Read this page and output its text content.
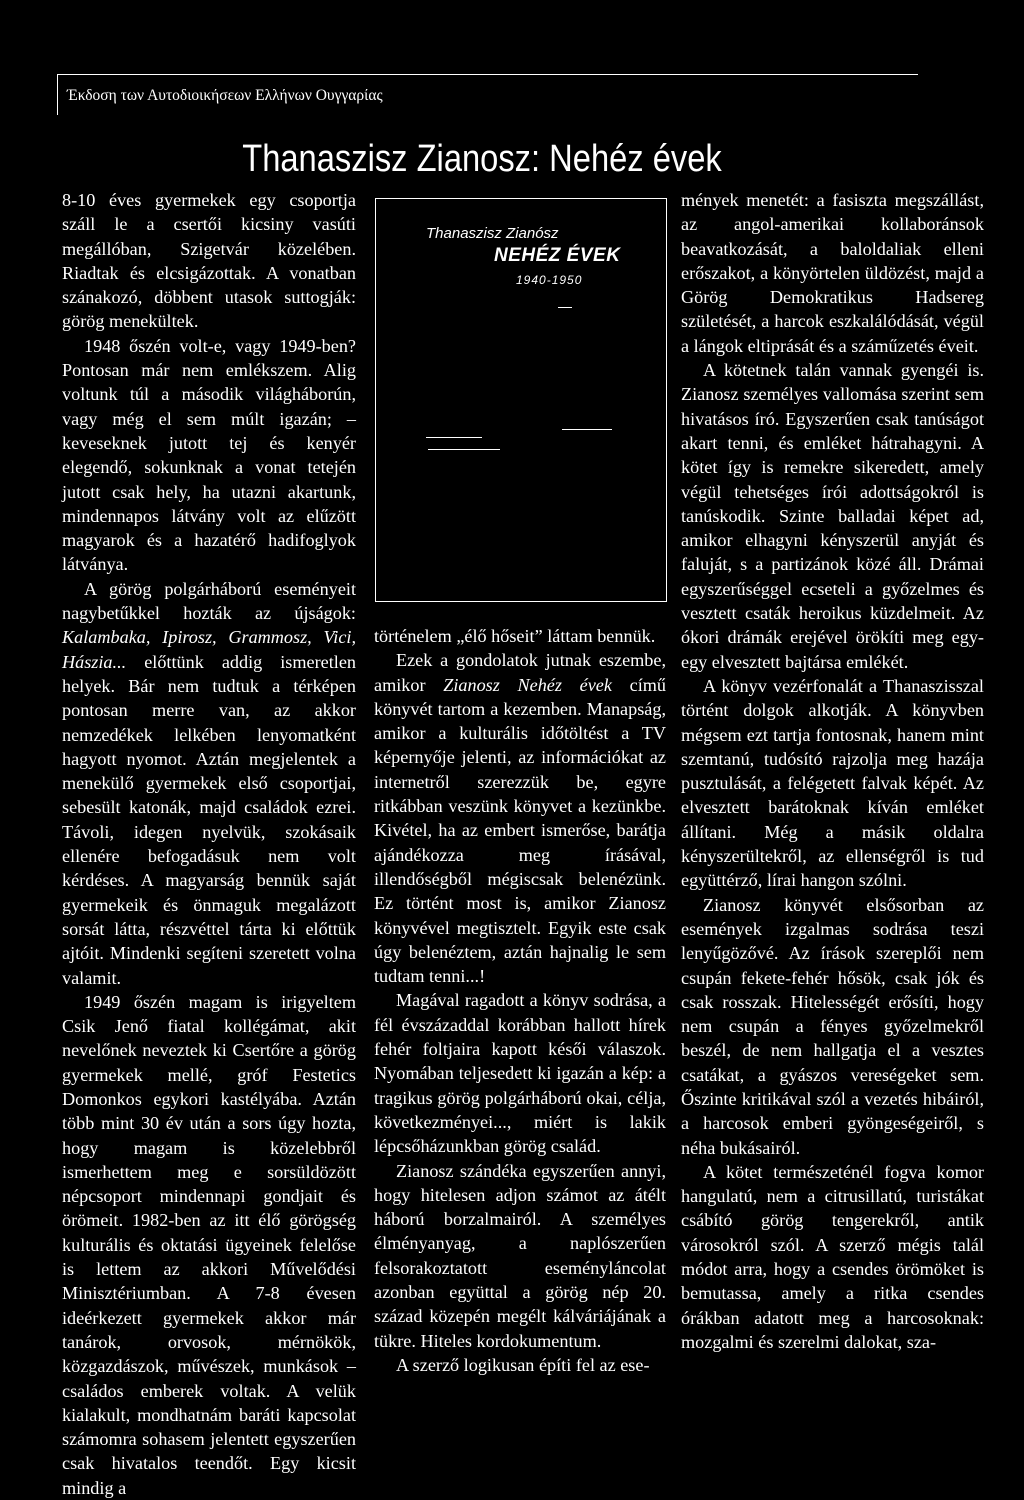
Έκδοση των Αυτοδιοικήσεων Ελλήνων Ουγγαρίας
Thanaszisz Zianosz: Nehéz évek

8-10 éves gyermekek egy csoportja száll le a csertői kicsiny vasúti megállóban, Szigetvár közelében. Riadtak és elcsigázottak. A vonatban szánakozó, döbbent utasok suttogják: görög menekültek.

1948 őszén volt-e, vagy 1949-ben? Pontosan már nem emlékszem. Alig voltunk túl a második világháborún, vagy még el sem múlt igazán; – keveseknek jutott tej és kenyér elegendő, sokunknak a vonat tetején jutott csak hely, ha utazni akartunk, mindennapos látvány volt az elűzött magyarok és a hazatérő hadifoglyok látványa.

A görög polgárháború eseményeit nagybetűkkel hozták az újságok: Kalambaka, Ipirosz, Grammosz, Vici, Hászia... előttünk addig ismeretlen helyek. Bár nem tudtuk a térképen pontosan merre van, az akkor nemzedékek lelkében lenyomatként hagyott nyomot. Aztán megjelentek a menekülő gyermekek első csoportjai, sebesült katonák, majd családok ezrei. Távoli, idegen nyelvük, szokásaik ellenére befogadásuk nem volt kérdéses. A magyarság bennük saját gyermekeik és önmaguk megalázott sorsát látta, részvéttel tárta ki előttük ajtóit. Mindenki segíteni szeretett volna valamit.

1949 őszén magam is irigyeltem Csik Jenő fiatal kollégámat, akit nevelőnek neveztek ki Csertőre a görög gyermekek mellé, gróf Festetics Domonkos egykori kastélyába. Aztán több mint 30 év után a sors úgy hozta, hogy magam is közelebbről ismerhettem meg e sorsüldözött népcsoport mindennapi gondjait és örömeit. 1982-ben az itt élő görögség kulturális és oktatási ügyeinek felelőse is lettem az akkori Művelődési Minisztériumban. A 7-8 évesen ideérkezett gyermekek akkor már tanárok, orvosok, mérnökök, közgazdászok, művészek, munkások – családos emberek voltak. A velük kialakult, mondhatnám baráti kapcsolat számomra sohasem jelentett egyszerűen csak hivatalos teendőt. Egy kicsit mindig a

Thanaszisz Zianósz
NEHÉZ ÉVEK
1940-1950

történelem „élő hőseit” láttam bennük.

Ezek a gondolatok jutnak eszembe, amikor Zianosz Nehéz évek című könyvét tartom a kezemben. Manapság, amikor a kulturális időtöltést a TV képernyője jelenti, az információkat az internetről szerezzük be, egyre ritkábban veszünk könyvet a kezünkbe. Kivétel, ha az embert ismerőse, barátja ajándékozza meg írásával, illendőségből mégiscsak belenézünk. Ez történt most is, amikor Zianosz könyvével megtisztelt. Egyik este csak úgy belenéztem, aztán hajnalig le sem tudtam tenni...!

Magával ragadott a könyv sodrása, a fél évszázaddal korábban hallott hírek fehér foltjaira kapott késői válaszok. Nyomában teljesedett ki igazán a kép: a tragikus görög polgárháború okai, célja, következményei..., miért is lakik lépcsőházunkban görög család.

Zianosz szándéka egyszerűen annyi, hogy hitelesen adjon számot az átélt háború borzalmairól. A személyes élményanyag, a naplószerűen felsorakoztatott eseményláncolat azonban együttal a görög nép 20. század közepén megélt kálváriájának a tükre. Hiteles kordokumentum.

A szerző logikusan építi fel az ese-

mények menetét: a fasiszta megszállást, az angol-amerikai kollaboránsok beavatkozását, a baloldaliak elleni erőszakot, a könyörtelen üldözést, majd a Görög Demokratikus Hadsereg születését, a harcok eszkalálódását, végül a lángok eltiprását és a száműzetés éveit.

A kötetnek talán vannak gyengéi is. Zianosz személyes vallomása szerint sem hivatásos író. Egyszerűen csak tanúságot akart tenni, és emléket hátrahagyni. A kötet így is remekre sikeredett, amely végül tehetséges írói adottságokról is tanúskodik. Szinte balladai képet ad, amikor elhagyni kényszerül anyját és faluját, s a partizánok közé áll. Drámai egyszerűséggel ecseteli a győzelmes és vesztett csaták heroikus küzdelmeit. Az ókori drámák erejével örökíti meg egy-egy elvesztett bajtársa emlékét.

A könyv vezérfonalát a Thanaszisszal történt dolgok alkotják. A könyvben mégsem ezt tartja fontosnak, hanem mint szemtanú, tudósító rajzolja meg hazája pusztulását, a felégetett falvak képét. Az elvesztett barátoknak kíván emléket állítani. Még a másik oldalra kényszerültekről, az ellenségről is tud együttérző, lírai hangon szólni.

Zianosz könyvét elsősorban az események izgalmas sodrása teszi lenyűgözővé. Az írások szereplői nem csupán fekete-fehér hősök, csak jók és csak rosszak. Hitelességét erősíti, hogy nem csupán a fényes győzelmekről beszél, de nem hallgatja el a vesztes csatákat, a gyászos vereségeket sem. Őszinte kritikával szól a vezetés hibáiról, a harcosok emberi gyöngeségeiről, s néha bukásairól.

A kötet természeténél fogva komor hangulatú, nem a citrusillatú, turistákat csábító görög tengerekről, antik városokról szól. A szerző mégis talál módot arra, hogy a csendes örömöket is bemutassa, amely a ritka csendes órákban adatott meg a harcosoknak: mozgalmi és szerelmi dalokat, sza-
